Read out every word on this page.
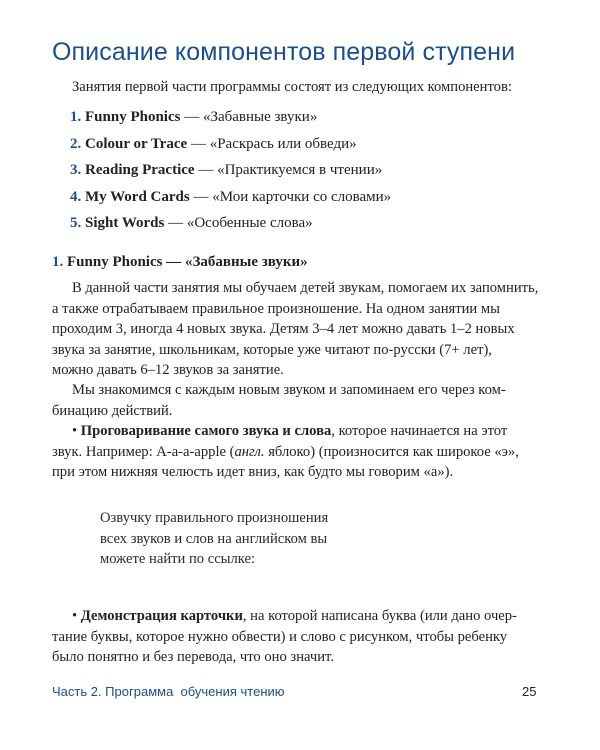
Описание компонентов первой ступени
Занятия первой части программы состоят из следующих компонентов:
1. Funny Phonics — «Забавные звуки»
2. Colour or Trace — «Раскрась или обведи»
3. Reading Practice — «Практикуемся в чтении»
4. My Word Cards — «Мои карточки со словами»
5. Sight Words — «Особенные слова»
1. Funny Phonics — «Забавные звуки»
В данной части занятия мы обучаем детей звукам, помогаем их запомнить,
а также отрабатываем правильное произношение. На одном занятии мы
проходим 3, иногда 4 новых звука. Детям 3–4 лет можно давать 1–2 новых
звука за занятие, школьникам, которые уже читают по-русски (7+ лет),
можно давать 6–12 звуков за занятие.
Мы знакомимся с каждым новым звуком и запоминаем его через ком-
бинацию действий.
• Проговаривание самого звука и слова, которое начинается на этот
звук. Например: А-а-а-apple (англ. яблоко) (произносится как широкое «э»,
при этом нижняя челюсть идет вниз, как будто мы говорим «а»).
Озвучку правильного произношения
всех звуков и слов на английском вы
можете найти по ссылке:
• Демонстрация карточки, на которой написана буква (или дано очер-
тание буквы, которое нужно обвести) и слово с рисунком, чтобы ребенку
было понятно и без перевода, что оно значит.
Часть 2. Программа  обучения чтению	25
